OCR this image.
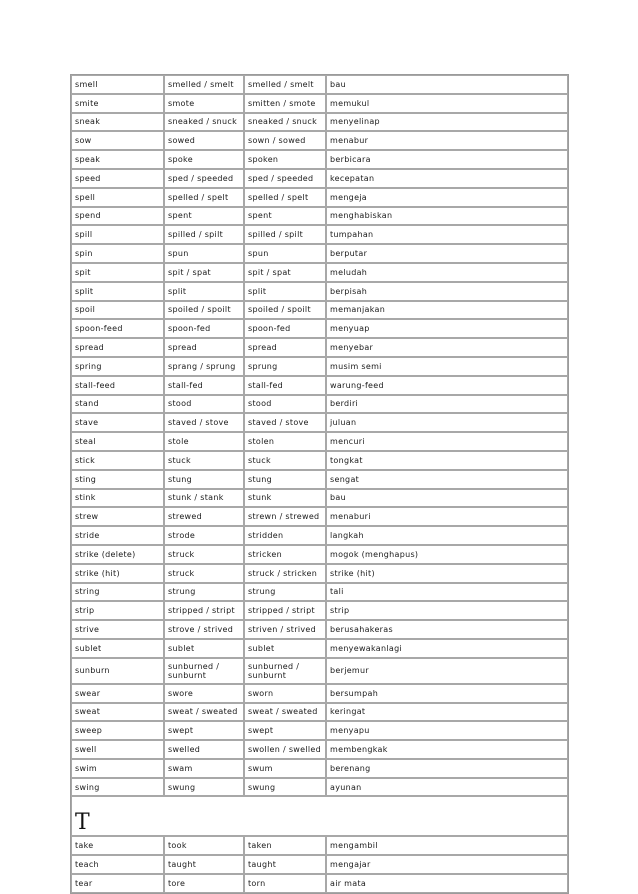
smell	smelled / smelt	smelled / smelt	bau
smite	smote	smitten / smote	memukul
sneak	sneaked / snuck	sneaked / snuck	menyelinap
sow	sowed	sown / sowed	menabur
speak	spoke	spoken	berbicara
speed	sped / speeded	sped / speeded	kecepatan
spell	spelled / spelt	spelled / spelt	mengeja
spend	spent	spent	menghabiskan
spill	spilled / spilt	spilled / spilt	tumpahan
spin	spun	spun	berputar
spit	spit / spat	spit / spat	meludah
split	split	split	berpisah
spoil	spoiled / spoilt	spoiled / spoilt	memanjakan
spoon-feed	spoon-fed	spoon-fed	menyuap
spread	spread	spread	menyebar
spring	sprang / sprung	sprung	musim semi
stall-feed	stall-fed	stall-fed	warung-feed
stand	stood	stood	berdiri
stave	staved / stove	staved / stove	juluan
steal	stole	stolen	mencuri
stick	stuck	stuck	tongkat
sting	stung	stung	sengat
stink	stunk / stank	stunk	bau
strew	strewed	strewn / strewed	menaburi
stride	strode	stridden	langkah
strike (delete)	struck	stricken	mogok (menghapus)
strike (hit)	struck	struck / stricken	strike (hit)
string	strung	strung	tali
strip	stripped / stript	stripped / stript	strip
strive	strove / strived	striven / strived	berusahakeras
sublet	sublet	sublet	menyewakanlagi
sunburn	sunburned / sunburnt	sunburned / sunburnt	berjemur
swear	swore	sworn	bersumpah
sweat	sweat / sweated	sweat / sweated	keringat
sweep	swept	swept	menyapu
swell	swelled	swollen / swelled	membengkak
swim	swam	swum	berenang
swing	swung	swung	ayunan
T			
take	took	taken	mengambil
teach	taught	taught	mengajar
tear	tore	torn	air mata
